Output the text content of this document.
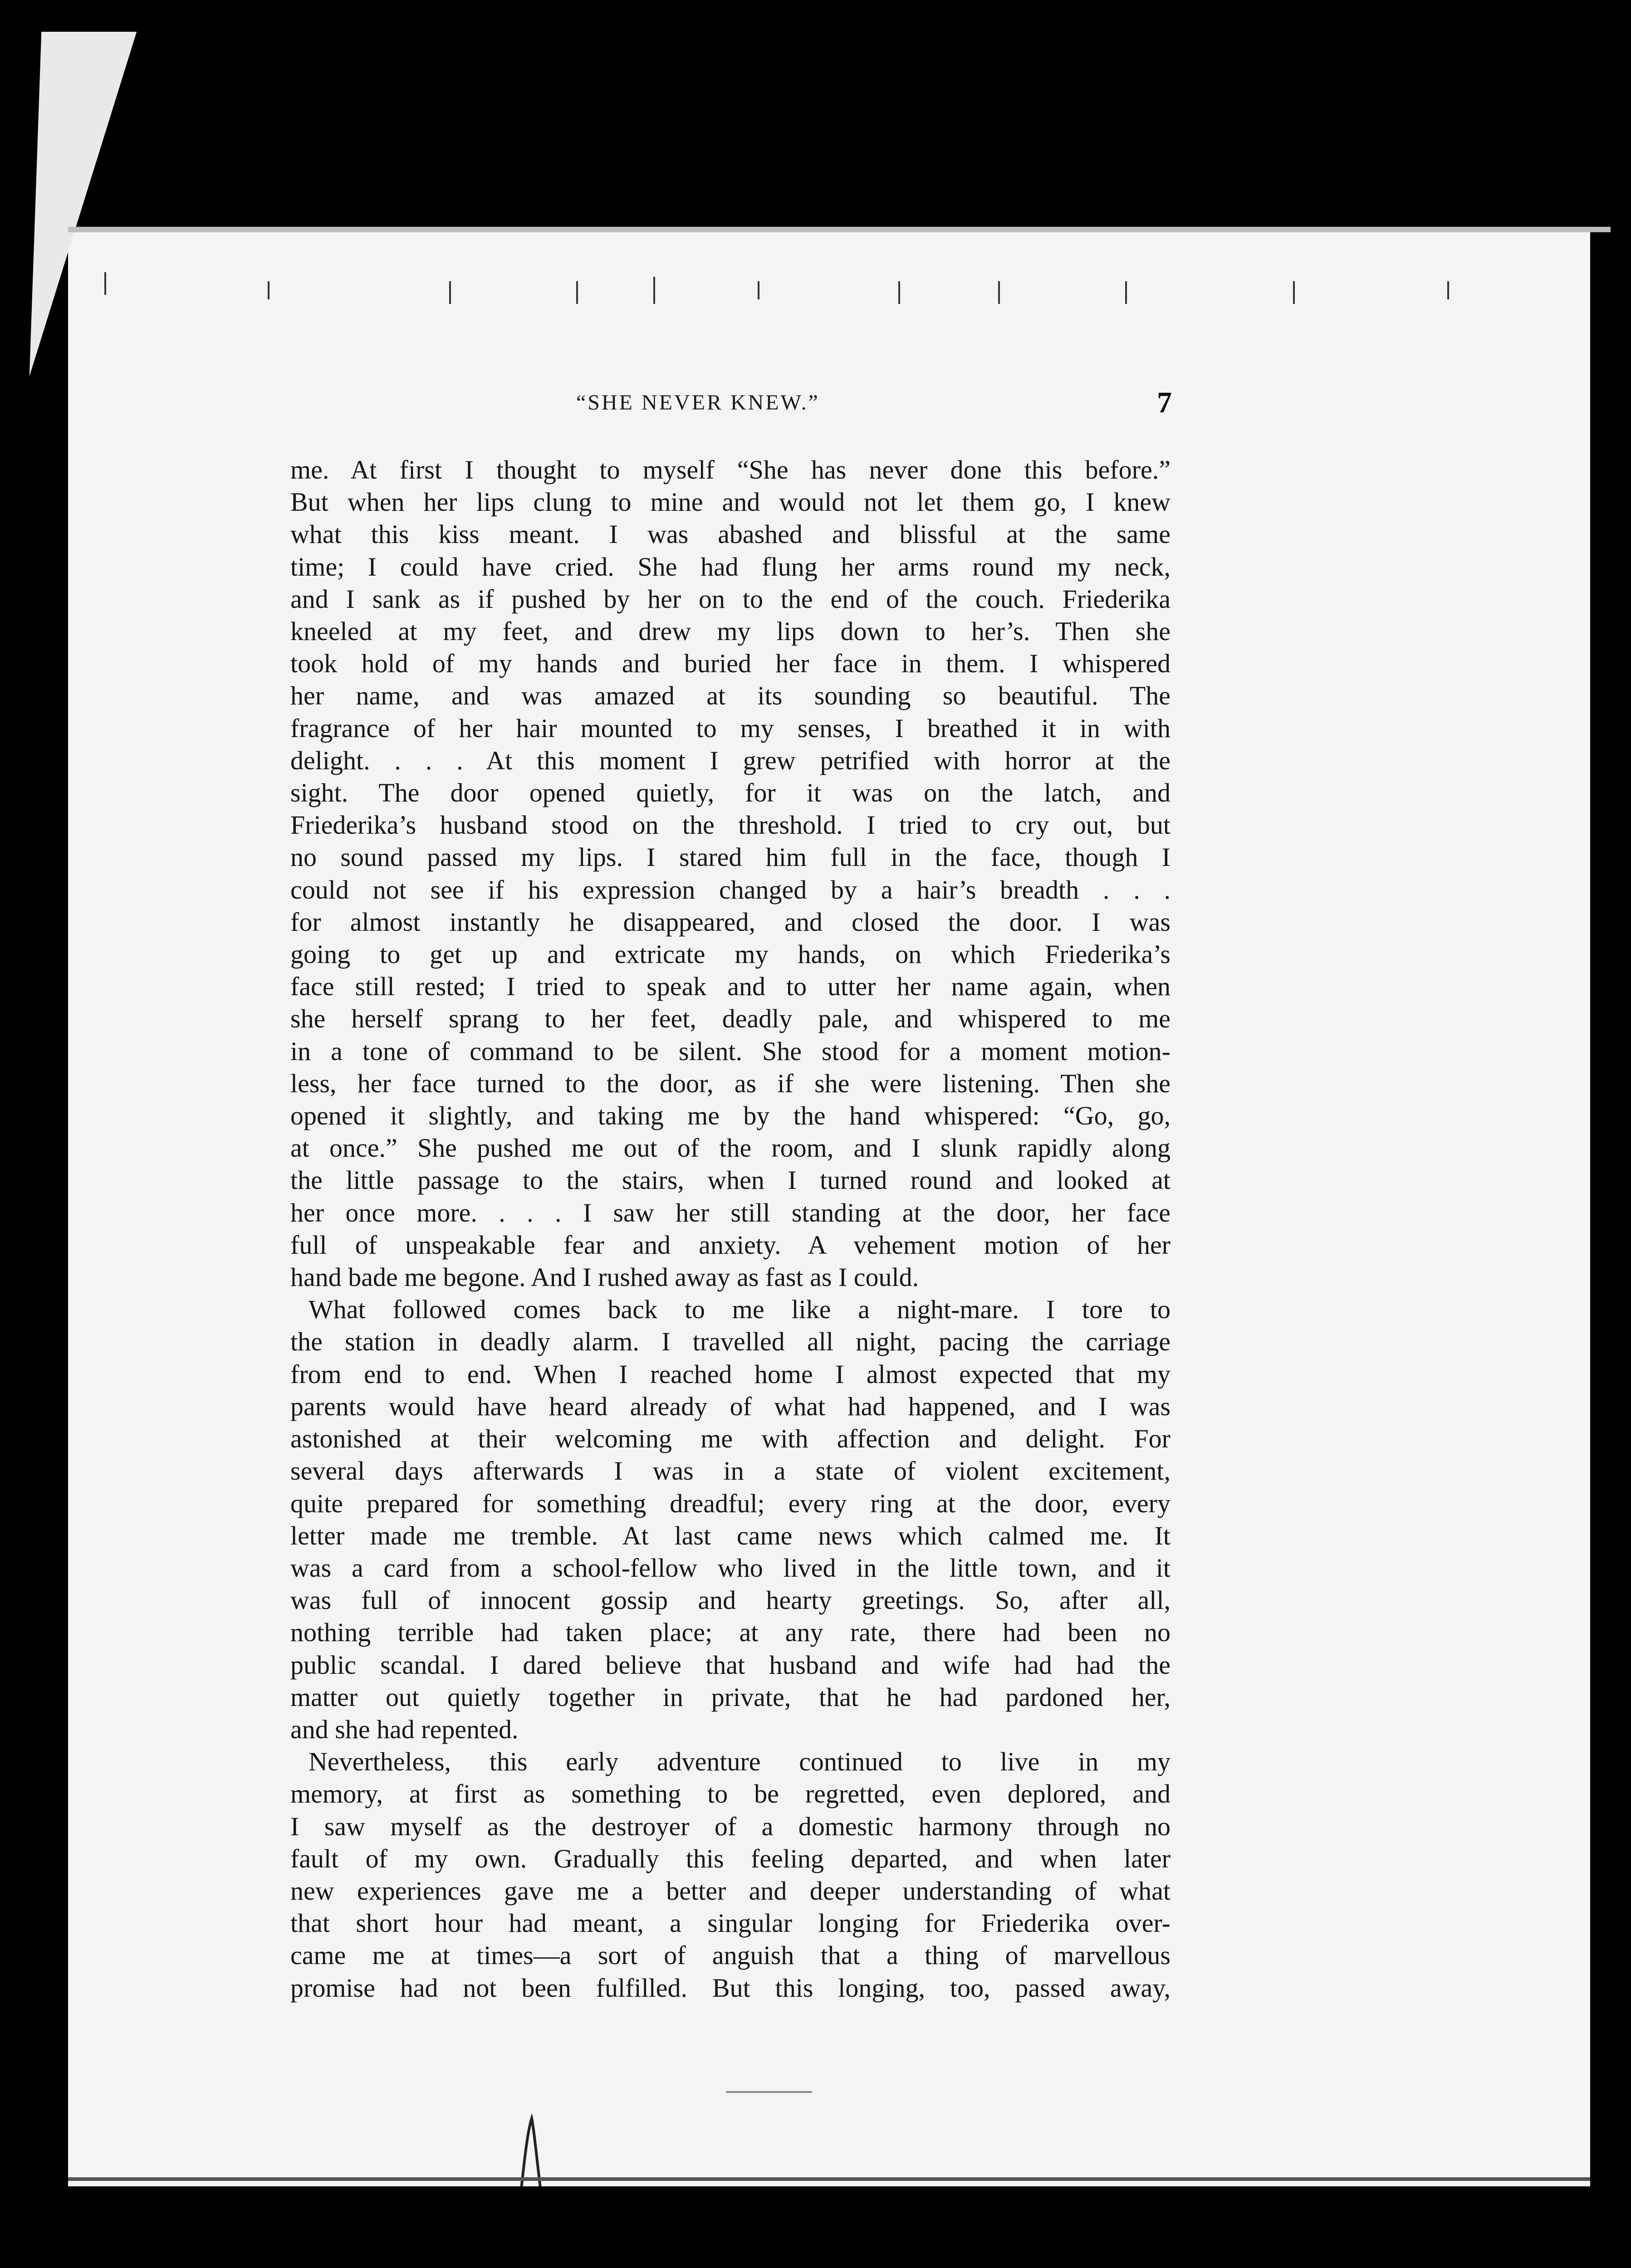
“SHE NEVER KNEW.”	7
me. At first I thought to myself “She has never done this before.”
But when her lips clung to mine and would not let them go, I knew
what this kiss meant. I was abashed and blissful at the same
time; I could have cried. She had flung her arms round my neck,
and I sank as if pushed by her on to the end of the couch. Friederika
kneeled at my feet, and drew my lips down to her’s. Then she
took hold of my hands and buried her face in them. I whispered
her name, and was amazed at its sounding so beautiful. The
fragrance of her hair mounted to my senses, I breathed it in with
delight. . . . At this moment I grew petrified with horror at the
sight. The door opened quietly, for it was on the latch, and
Friederika’s husband stood on the threshold. I tried to cry out, but
no sound passed my lips. I stared him full in the face, though I
could not see if his expression changed by a hair’s breadth . . .
for almost instantly he disappeared, and closed the door. I was
going to get up and extricate my hands, on which Friederika’s
face still rested; I tried to speak and to utter her name again, when
she herself sprang to her feet, deadly pale, and whispered to me
in a tone of command to be silent. She stood for a moment motion-
less, her face turned to the door, as if she were listening. Then she
opened it slightly, and taking me by the hand whispered: “Go, go,
at once.” She pushed me out of the room, and I slunk rapidly along
the little passage to the stairs, when I turned round and looked at
her once more. . . . I saw her still standing at the door, her face
full of unspeakable fear and anxiety. A vehement motion of her
hand bade me begone. And I rushed away as fast as I could.
What followed comes back to me like a night-mare. I tore to
the station in deadly alarm. I travelled all night, pacing the carriage
from end to end. When I reached home I almost expected that my
parents would have heard already of what had happened, and I was
astonished at their welcoming me with affection and delight. For
several days afterwards I was in a state of violent excitement,
quite prepared for something dreadful; every ring at the door, every
letter made me tremble. At last came news which calmed me. It
was a card from a school-fellow who lived in the little town, and it
was full of innocent gossip and hearty greetings. So, after all,
nothing terrible had taken place; at any rate, there had been no
public scandal. I dared believe that husband and wife had had the
matter out quietly together in private, that he had pardoned her,
and she had repented.
Nevertheless, this early adventure continued to live in my
memory, at first as something to be regretted, even deplored, and
I saw myself as the destroyer of a domestic harmony through no
fault of my own. Gradually this feeling departed, and when later
new experiences gave me a better and deeper understanding of what
that short hour had meant, a singular longing for Friederika over-
came me at times—a sort of anguish that a thing of marvellous
promise had not been fulfilled. But this longing, too, passed away,
